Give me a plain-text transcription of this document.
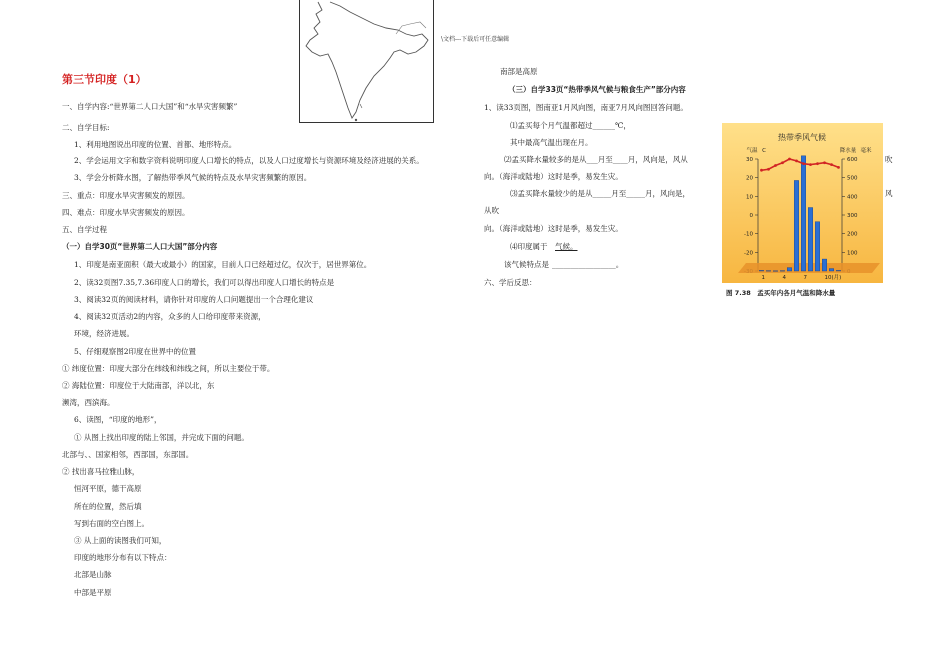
\文档---下载后可任意编辑
第三节印度（1）
一、自学内容:“世界第二人口大国”和“水旱灾害频繁”
二、自学目标:
1、利用地图说出印度的位置、首都、地形特点。
2、学会运用文字和数字资料说明印度人口增长的特点，以及人口过度增长与资源环境及经济进展的关系。
3、学会分析降水图，了解热带季风气候的特点及水旱灾害频繁的原因。
三、重点：印度水旱灾害频发的原因。
四、难点：印度水旱灾害频发的原因。
五、自学过程
（一）自学30页“世界第二人口大国”部分内容
1、印度是南亚面积（最大或最小）的国家，目前人口已经超过亿，仅次于，居世界第位。
2、读32页图7.35,7.36印度人口的增长，我们可以得出印度人口增长的特点是
3、阅读32页的阅读材料，请你针对印度的人口问题提出一个合理化建议
4、阅读32页活动2的内容，众多的人口给印度带来资源，
环境，经济进展。
5、仔细观察图2印度在世界中的位置
① 纬度位置：印度大部分在纬线和纬线之间，所以主要位于带。
② 海陆位置：印度位于大陆南部，洋以北，东
濒湾，西滨海。
6、读图，“印度的地形”，
① 从图上找出印度的陆上邻国，并完成下面的问题。
北部与、、国家相邻，西部国，东部国。
② 找出喜马拉雅山脉，
恒河平原，德干高原
所在的位置，然后填
写到右面的空白图上。
③ 从上面的读图我们可知，
印度的地形分布有以下特点：
北部是山脉
中部是平原
南部是高原
（三）自学33页“热带季风气候与粮食生产”部分内容
1、读33页图，图南亚1月风向图，南亚7月风向图回答问题。
⑴孟买每个月气温都超过______℃，
其中最高气温出现在月。
⑵孟买降水量较多的是从___月至____月，风向是，风从	吹
向。（海洋或陆地）这时是季，易发生灾。
⑶孟买降水量较少的是从_____月至_____月，风向是，	风
从吹
向。（海洋或陆地）这时是季，易发生灾。
⑷印度属于 气候。
该气候特点是 _________________。
六、学后反思：
热带季风气候
气温 C	降水量 毫米
30
20
10
0
-10
-20
600
500
400
300
200
100
1	4	7	10(月)
图 7.38　孟买年内各月气温和降水量
